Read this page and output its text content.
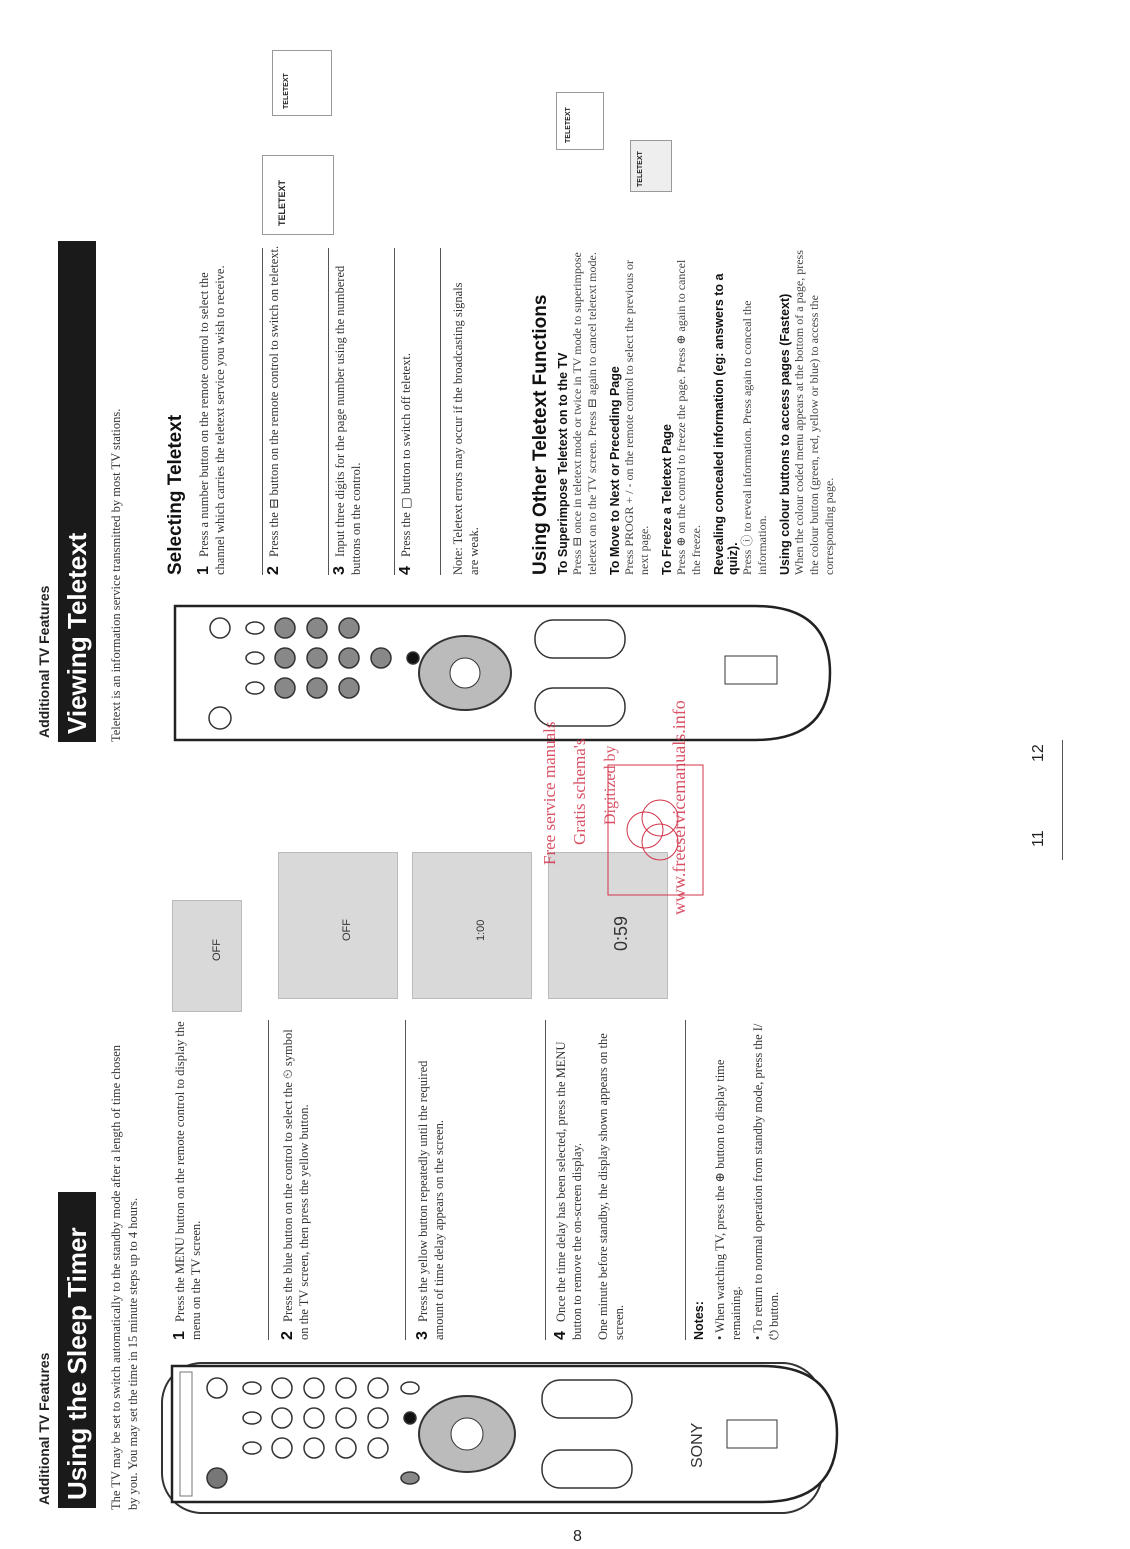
Additional TV Features Using the Sleep Timer	The TV may be set to switch automatically to the standby mode after a length of time chosen by you. You may set the time in 15 minute steps up to 4 hours.	SONY
1 Press the MENU button on the remote control to display the menu on the TV screen.	2 Press the blue button on the control to select the ⏲ symbol on the TV screen, then press the yellow button.	3 Press the yellow button repeatedly until the required amount of time delay appears on the screen.	4 Once the time delay has been selected, press the MENU button to remove the on-screen display. One minute before standby, the display shown appears on the screen.	Notes: • When watching TV, press the ⊕ button to display time remaining. • To return to normal operation from standby mode, press the I/⏻ button.
OFF
OFF	1:00	0:59
8
Additional TV Features Viewing Teletext	Teletext is an information service transmitted by most TV stations. Selecting Teletext 1 Press a number button on the remote control to select the channel which carries the teletext service you wish to receive. 2 Press the ⊟ button on the remote control to switch on teletext.
3 Input three digits for the page number using the numbered buttons on the control. 4 Press the ▢ button to switch off teletext.	Note: Teletext errors may occur if the broadcasting signals are weak.	Using Other Teletext Functions To Superimpose Teletext on to the TV Press ⊟ once in teletext mode or twice in TV mode to superimpose teletext on to the TV screen. Press ⊟ again to cancel teletext mode. To Move to Next or Preceding Page Press PROGR + / - on the remote control to select the previous or next page. To Freeze a Teletext Page Press ⊕ on the control to freeze the page. Press ⊕ again to cancel the freeze. Revealing concealed information (eg: answers to a quiz). Press ⓘ to reveal information. Press again to conceal the information. Using colour buttons to access pages (Fastext) When the colour coded menu appears at the bottom of a page, press the colour button (green, red, yellow or blue) to access the corresponding page.
TELETEXT
TELETEXT
TELETEXT
TELETEXT
11
12
Free service manuals Gratis schema's Digitized by	www.freeservicemanuals.info
